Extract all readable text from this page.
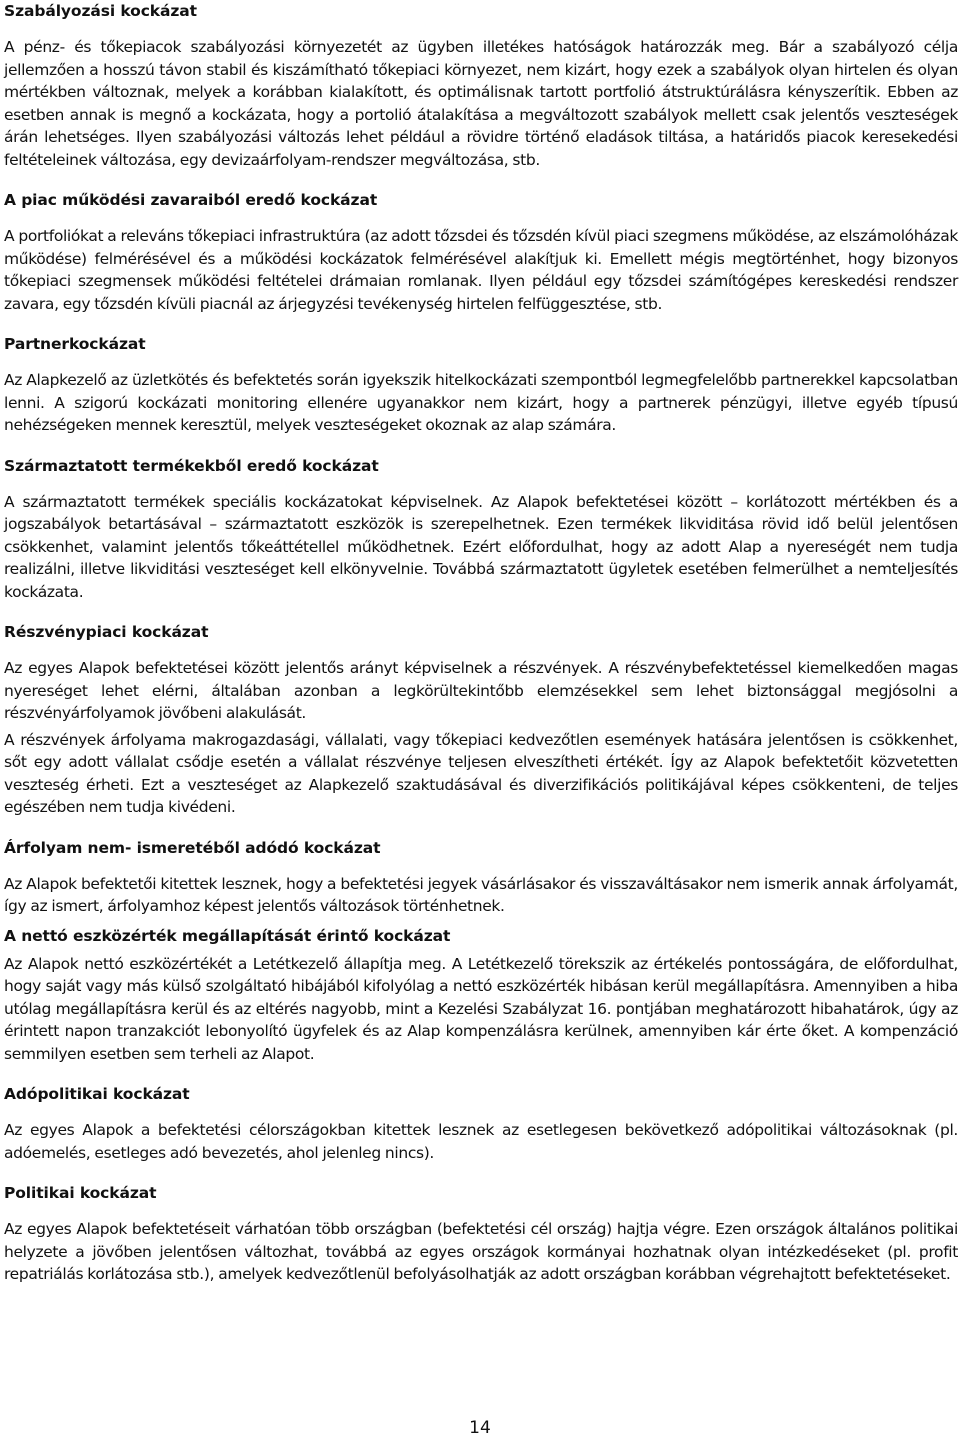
Szabályozási kockázat

A pénz- és tőkepiacok szabályozási környezetét az ügyben illetékes hatóságok határozzák meg. Bár a szabályozó célja jellemzően a hosszú távon stabil és kiszámítható tőkepiaci környezet, nem kizárt, hogy ezek a szabályok olyan hirtelen és olyan mértékben változnak, melyek a korábban kialakított, és optimálisnak tartott portfolió átstruktúrálásra kényszerítik. Ebben az esetben annak is megnő a kockázata, hogy a portolió átalakítása a megváltozott szabályok mellett csak jelentős veszteségek árán lehetséges. Ilyen szabályozási változás lehet például a rövidre történő eladások tiltása, a határidős piacok keresekedési feltételeinek változása, egy devizaárfolyam-rendszer megváltozása, stb.

A piac működési zavaraiból eredő kockázat

A portfoliókat a releváns tőkepiaci infrastruktúra (az adott tőzsdei és tőzsdén kívül piaci szegmens működése, az elszámolóházak működése) felmérésével és a működési kockázatok felmérésével alakítjuk ki. Emellett mégis megtörténhet, hogy bizonyos tőkepiaci szegmensek működési feltételei drámaian romlanak. Ilyen például egy tőzsdei számítógépes kereskedési rendszer zavara, egy tőzsdén kívüli piacnál az árjegyzési tevékenység hirtelen felfüggesztése, stb.

Partnerkockázat

Az Alapkezelő az üzletkötés és befektetés során igyekszik hitelkockázati szempontból legmegfelelőbb partnerekkel kapcsolatban lenni. A szigorú kockázati monitoring ellenére ugyanakkor nem kizárt, hogy a partnerek pénzügyi, illetve egyéb típusú nehézségeken mennek keresztül, melyek veszteségeket okoznak az alap számára.

Származtatott termékekből eredő kockázat

A származtatott termékek speciális kockázatokat képviselnek. Az Alapok befektetései között – korlátozott mértékben és a jogszabályok betartásával – származtatott eszközök is szerepelhetnek. Ezen termékek likviditása rövid idő belül jelentősen csökkenhet, valamint jelentős tőkeáttétellel működhetnek. Ezért előfordulhat, hogy az adott Alap a nyereségét nem tudja realizálni, illetve likviditási veszteséget kell elkönyvelnie. Továbbá származtatott ügyletek esetében felmerülhet a nemteljesítés kockázata.

Részvénypiaci kockázat

Az egyes Alapok befektetései között jelentős arányt képviselnek a részvények. A részvénybefektetéssel kiemelkedően magas nyereséget lehet elérni, általában azonban a legkörültekintőbb elemzésekkel sem lehet biztonsággal megjósolni a részvényárfolyamok jövőbeni alakulását.

A részvények árfolyama makrogazdasági, vállalati, vagy tőkepiaci kedvezőtlen események hatására jelentősen is csökkenhet, sőt egy adott vállalat csődje esetén a vállalat részvénye teljesen elveszítheti értékét. Így az Alapok befektetőit közvetetten veszteség érheti. Ezt a veszteséget az Alapkezelő szaktudásával és diverzifikációs politikájával képes csökkenteni, de teljes egészében nem tudja kivédeni.

Árfolyam nem- ismeretéből adódó kockázat

Az Alapok befektetői kitettek lesznek, hogy a befektetési jegyek vásárlásakor és visszaváltásakor nem ismerik annak árfolyamát, így az ismert, árfolyamhoz képest jelentős változások történhetnek.

A nettó eszközérték megállapítását érintő kockázat

Az Alapok nettó eszközértékét a Letétkezelő állapítja meg. A Letétkezelő törekszik az értékelés pontosságára, de előfordulhat, hogy saját vagy más külső szolgáltató hibájából kifolyólag a nettó eszközérték hibásan kerül megállapításra. Amennyiben a hiba utólag megállapításra kerül és az eltérés nagyobb, mint a Kezelési Szabályzat 16. pontjában meghatározott hibahatárok, úgy az érintett napon tranzakciót lebonyolító ügyfelek és az Alap kompenzálásra kerülnek, amennyiben kár érte őket. A kompenzáció semmilyen esetben sem terheli az Alapot.

Adópolitikai kockázat

Az egyes Alapok a befektetési célországokban kitettek lesznek az esetlegesen bekövetkező adópolitikai változásoknak (pl. adóemelés, esetleges adó bevezetés, ahol jelenleg nincs).

Politikai kockázat

Az egyes Alapok befektetéseit várhatóan több országban (befektetési cél ország) hajtja végre. Ezen országok általános politikai helyzete a jövőben jelentősen változhat, továbbá az egyes országok kormányai hozhatnak olyan intézkedéseket (pl. profit repatriálás korlátozása stb.), amelyek kedvezőtlenül befolyásolhatják az adott országban korábban végrehajtott befektetéseket.

14
